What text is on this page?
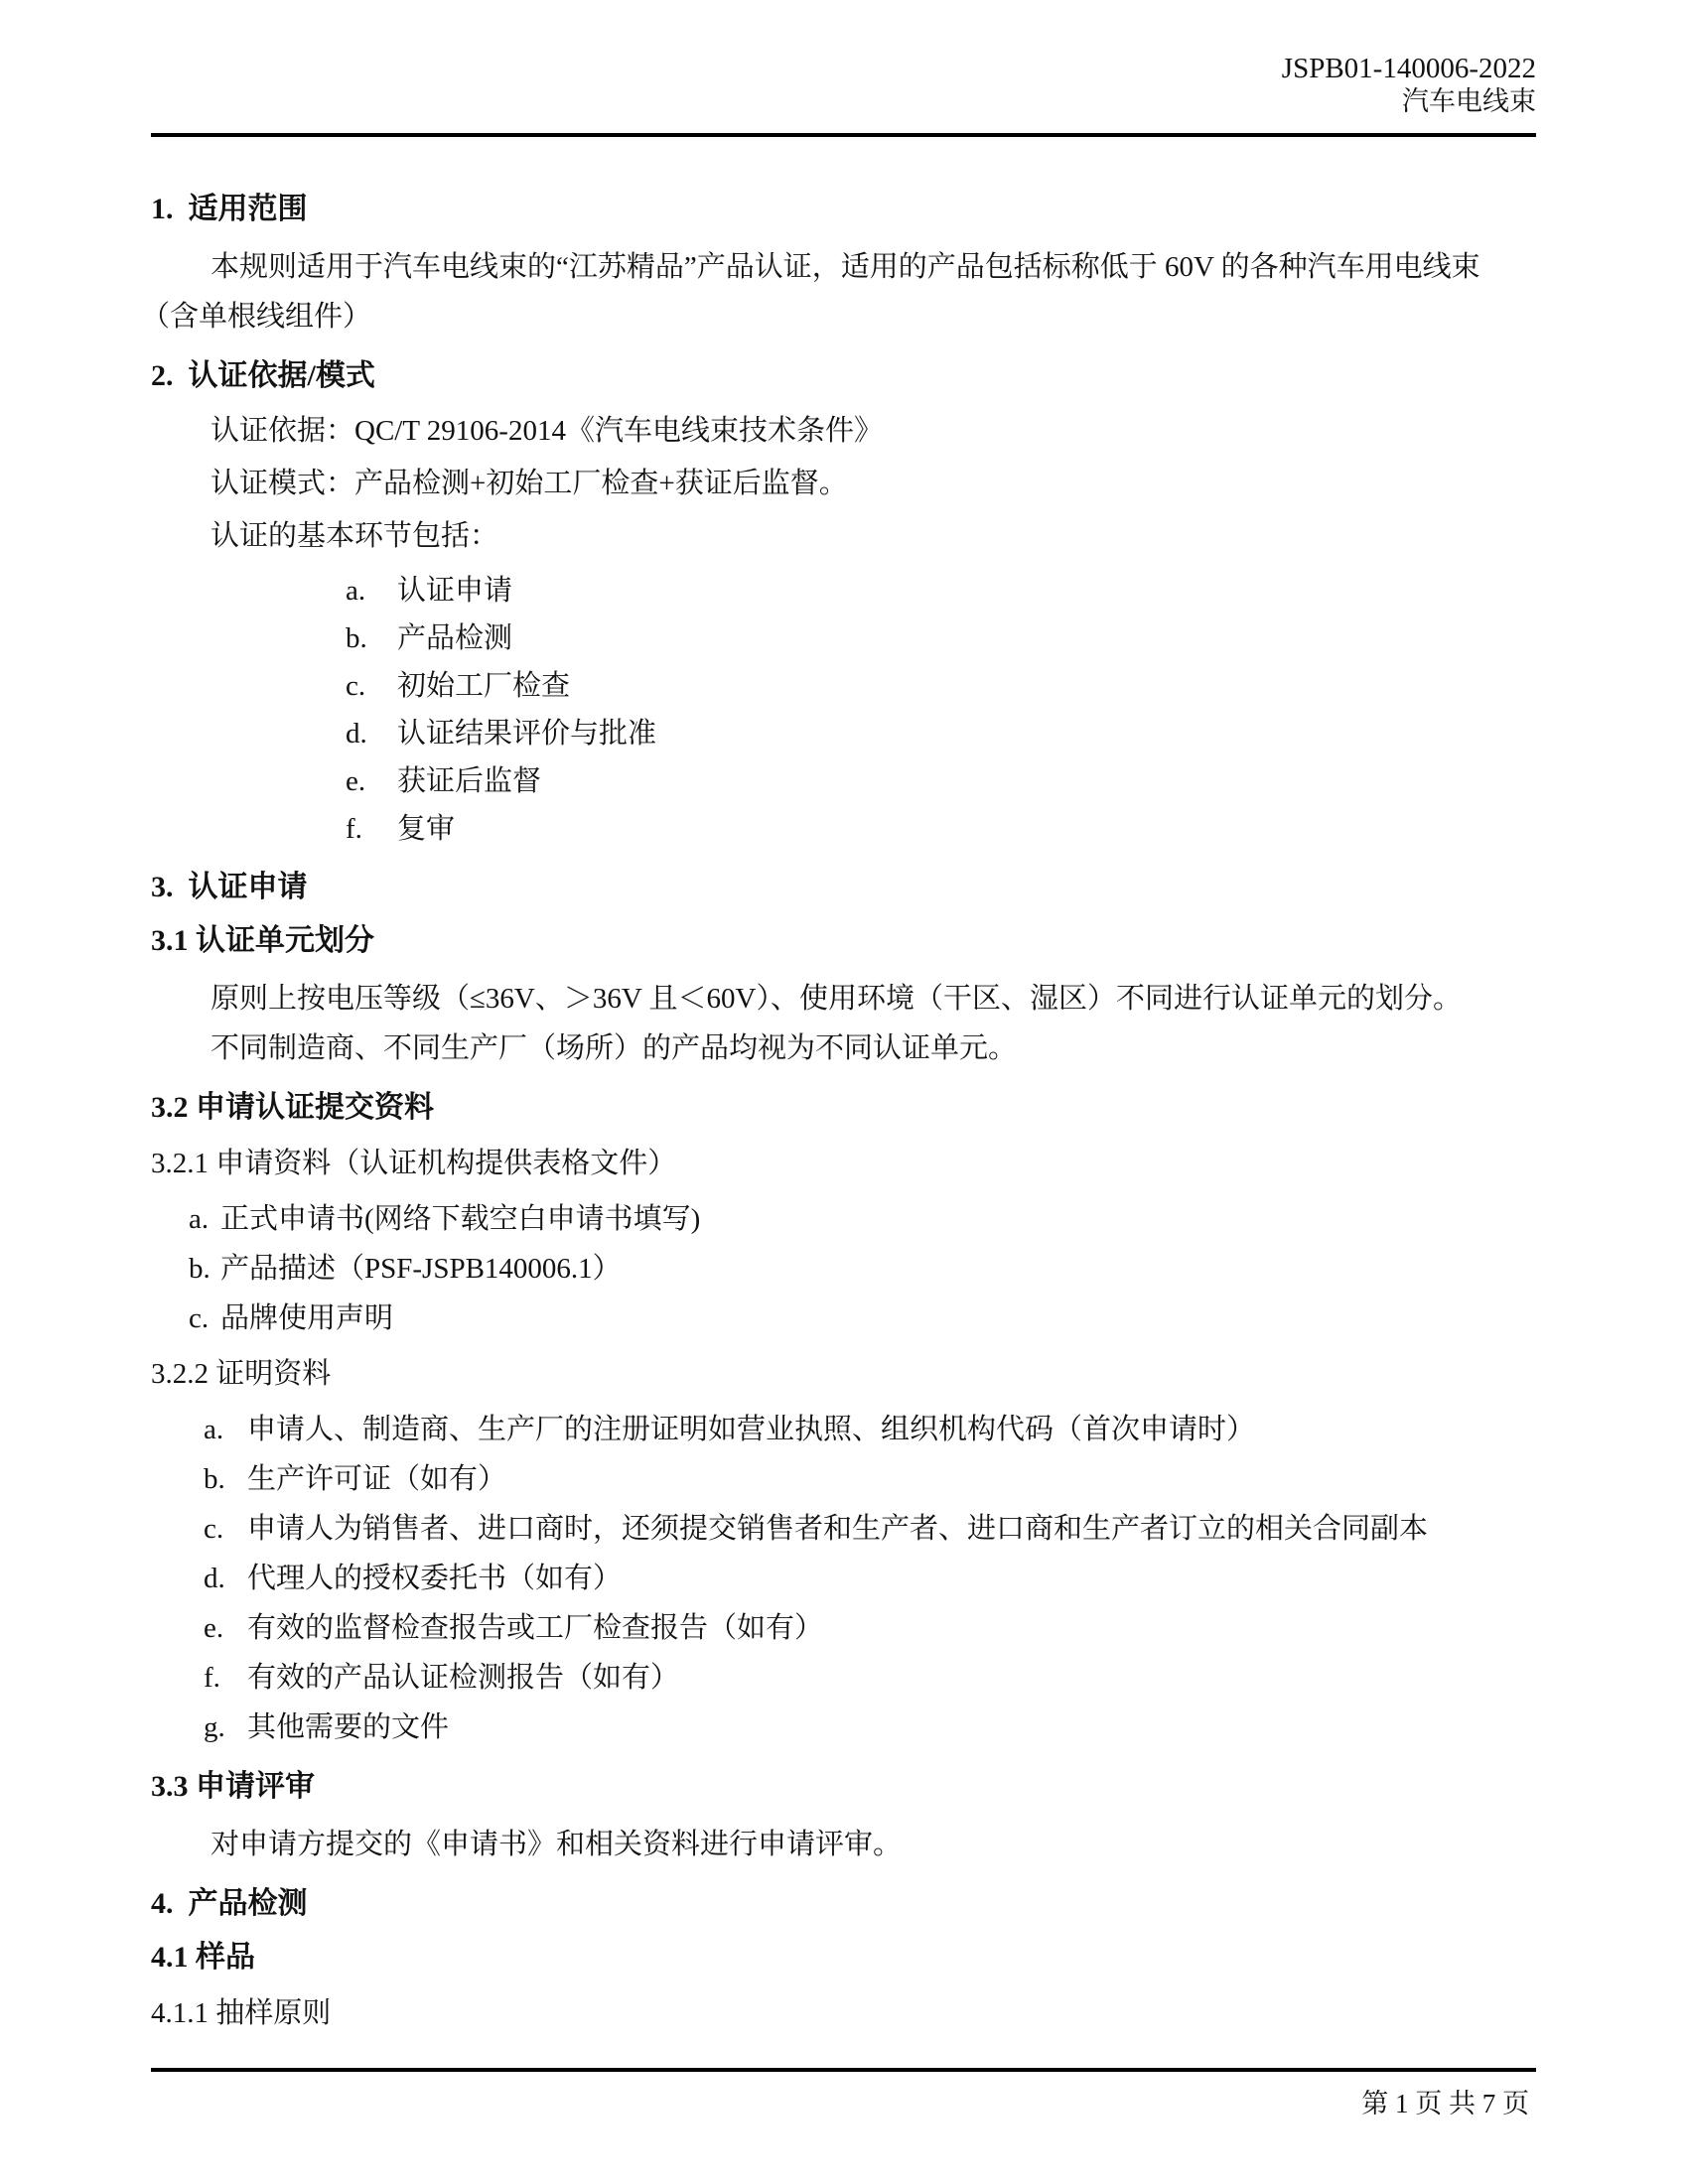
JSPB01-140006-2022
汽车电线束
1.  适用范围
本规则适用于汽车电线束的“江苏精品”产品认证，适用的产品包括标称低于 60V 的各种汽车用电线束
（含单根线组件）
2.  认证依据/模式
认证依据：QC/T 29106-2014《汽车电线束技术条件》
认证模式：产品检测+初始工厂检查+获证后监督。
认证的基本环节包括：
a. 认证申请
b. 产品检测
c. 初始工厂检查
d. 认证结果评价与批准
e. 获证后监督
f. 复审
3.  认证申请
3.1 认证单元划分
原则上按电压等级（≤36V、＞36V 且＜60V）、使用环境（干区、湿区）不同进行认证单元的划分。
不同制造商、不同生产厂（场所）的产品均视为不同认证单元。
3.2 申请认证提交资料
3.2.1 申请资料（认证机构提供表格文件）
a. 正式申请书(网络下载空白申请书填写)
b. 产品描述（PSF-JSPB140006.1）
c. 品牌使用声明
3.2.2 证明资料
a. 申请人、制造商、生产厂的注册证明如营业执照、组织机构代码（首次申请时）
b. 生产许可证（如有）
c. 申请人为销售者、进口商时，还须提交销售者和生产者、进口商和生产者订立的相关合同副本
d. 代理人的授权委托书（如有）
e. 有效的监督检查报告或工厂检查报告（如有）
f. 有效的产品认证检测报告（如有）
g. 其他需要的文件
3.3 申请评审
对申请方提交的《申请书》和相关资料进行申请评审。
4.  产品检测
4.1 样品
4.1.1 抽样原则
第 1 页 共 7 页
